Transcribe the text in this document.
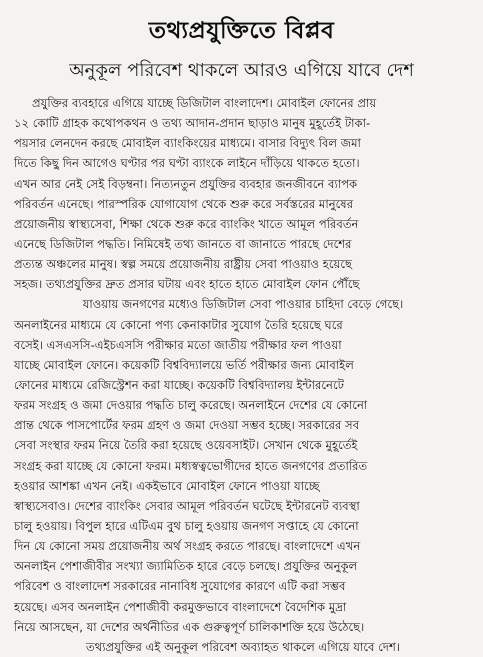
তথ্যপ্রযুক্তিতে বিপ্লব
অনুকূল পরিবেশ থাকলে আরও এগিয়ে যাবে দেশ
প্রযুক্তির ব্যবহারে এগিয়ে যাচ্ছে ডিজিটাল বাংলাদেশ। মোবাইল ফোনের প্রায়
১২ কোটি গ্রাহক কথোপকথন ও তথ্য আদান-প্রদান ছাড়াও মানুষ মুহূর্তেই টাকা-
পয়সার লেনদেন করছে মোবাইল ব্যাংকিংয়ের মাধ্যমে। বাসার বিদ্যুৎ বিল জমা
দিতে কিছু দিন আগেও ঘণ্টার পর ঘণ্টা ব্যাংকে লাইনে দাঁড়িয়ে থাকতে হতো।
এখন আর নেই সেই বিড়ম্বনা। নিত্যনতুন প্রযুক্তির ব্যবহার জনজীবনে ব্যাপক
পরিবর্তন এনেছে। পারস্পরিক যোগাযোগ থেকে শুরু করে সর্বস্তরের মানুষের
প্রয়োজনীয় স্বাস্থ্যসেবা, শিক্ষা থেকে শুরু করে ব্যাংকিং খাতে আমূল পরিবর্তন
এনেছে ডিজিটাল পদ্ধতি। নিমিষেই তথ্য জানতে বা জানাতে পারছে দেশের
প্রত্যন্ত অঞ্চলের মানুষ। স্বল্প সময়ে প্রয়োজনীয় রাষ্ট্রীয় সেবা পাওয়াও হয়েছে
সহজ। তথ্যপ্রযুক্তির দ্রুত প্রসার ঘটায় এবং হাতে হাতে মোবাইল ফোন পৌঁছে
যাওয়ায় জনগণের মধ্যেও ডিজিটাল সেবা পাওয়ার চাহিদা বেড়ে গেছে।
অনলাইনের মাধ্যমে যে কোনো পণ্য কেনাকাটার সুযোগ তৈরি হয়েছে ঘরে
বসেই। এসএসসি-এইচএসসি পরীক্ষার মতো জাতীয় পরীক্ষার ফল পাওয়া
যাচ্ছে মোবাইল ফোনে। কয়েকটি বিশ্ববিদ্যালয়ে ভর্তি পরীক্ষার জন্য মোবাইল
ফোনের মাধ্যমে রেজিস্ট্রেশন করা যাচ্ছে। কয়েকটি বিশ্ববিদ্যালয় ইন্টারনেটে
ফরম সংগ্রহ ও জমা দেওয়ার পদ্ধতি চালু করেছে। অনলাইনে দেশের যে কোনো
প্রান্ত থেকে পাসপোর্টের ফরম গ্রহণ ও জমা দেওয়া সম্ভব হচ্ছে। সরকারের সব
সেবা সংস্থার ফরম নিয়ে তৈরি করা হয়েছে ওয়েবসাইট। সেখান থেকে মুহূর্তেই
সংগ্রহ করা যাচ্ছে যে কোনো ফরম। মধ্যস্বত্বভোগীদের হাতে জনগণের প্রতারিত
হওয়ার আশঙ্কা এখন নেই। একইভাবে মোবাইল ফোনে পাওয়া যাচ্ছে
স্বাস্থ্যসেবাও। দেশের ব্যাংকিং সেবার আমূল পরিবর্তন ঘটেছে ইন্টারনেট ব্যবস্থা
চালু হওয়ায়। বিপুল হারে এটিএম বুথ চালু হওয়ায় জনগণ সপ্তাহে যে কোনো
দিন যে কোনো সময় প্রয়োজনীয় অর্থ সংগ্রহ করতে পারছে। বাংলাদেশে এখন
অনলাইন পেশাজীবীর সংখ্যা জ্যামিতিক হারে বেড়ে চলছে। প্রযুক্তির অনুকূল
পরিবেশ ও বাংলাদেশ সরকারের নানাবিধ সুযোগের কারণে এটি করা সম্ভব
হয়েছে। এসব অনলাইন পেশাজীবী করমুক্তভাবে বাংলাদেশে বৈদেশিক মুদ্রা
নিয়ে আসছেন, যা দেশের অর্থনীতির এক গুরুত্বপূর্ণ চালিকাশক্তি হয়ে উঠেছে।
তথ্যপ্রযুক্তির এই অনুকূল পরিবেশ অব্যাহত থাকলে এগিয়ে যাবে দেশ।
